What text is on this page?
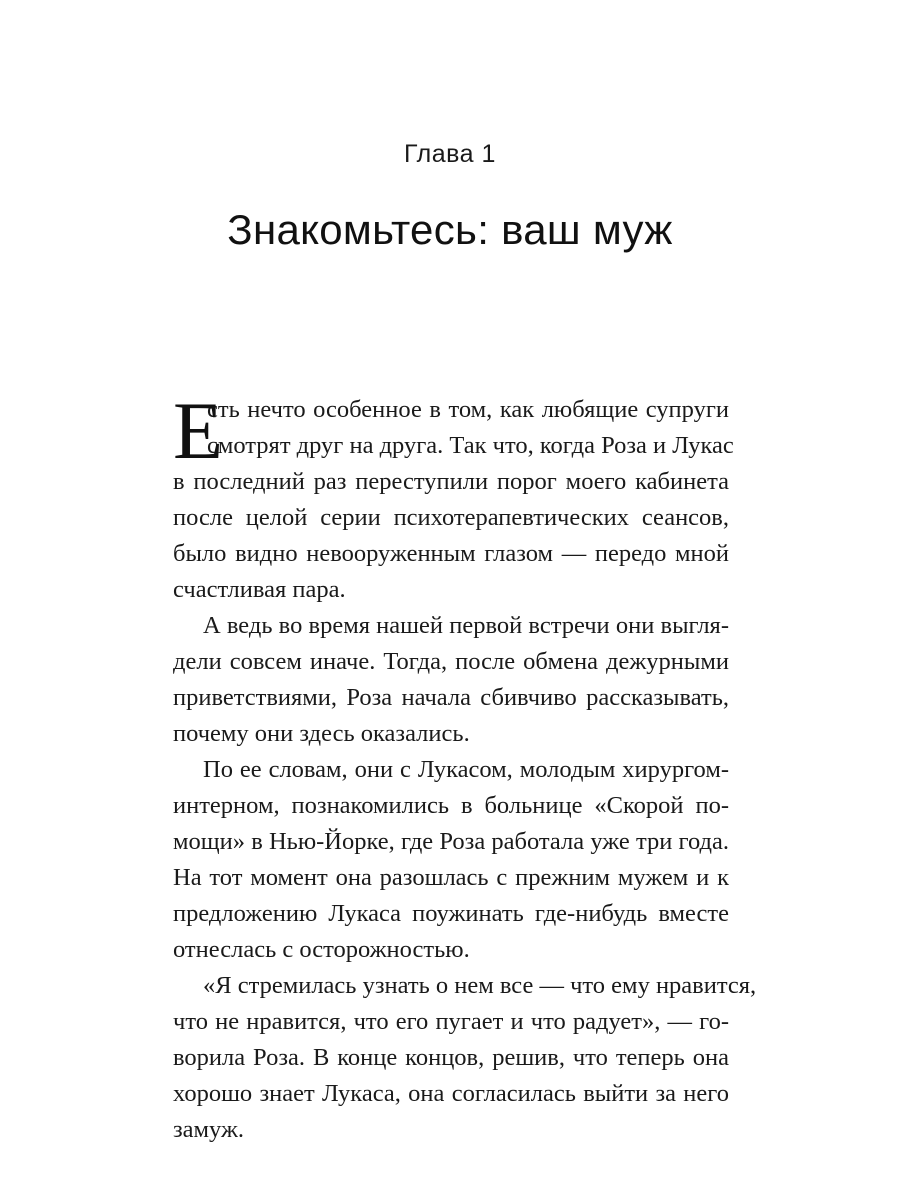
Глава 1
Знакомьтесь: ваш муж
Е
сть нечто особенное в том, как любящие супруги
смотрят друг на друга. Так что, когда Роза и Лукас
в последний раз переступили порог моего кабинета
после целой серии психотерапевтических сеансов,
было видно невооруженным глазом — передо мной
счастливая пара.
А ведь во время нашей первой встречи они выгля-
дели совсем иначе. Тогда, после обмена дежурными
приветствиями, Роза начала сбивчиво рассказывать,
почему они здесь оказались.
По ее словам, они с Лукасом, молодым хирургом-
интерном, познакомились в больнице «Скорой по-
мощи» в Нью-Йорке, где Роза работала уже три года.
На тот момент она разошлась с прежним мужем и к
предложению Лукаса поужинать где-нибудь вместе
отнеслась с осторожностью.
«Я стремилась узнать о нем все — что ему нравится,
что не нравится, что его пугает и что радует», — го-
ворила Роза. В конце концов, решив, что теперь она
хорошо знает Лукаса, она согласилась выйти за него
замуж.
